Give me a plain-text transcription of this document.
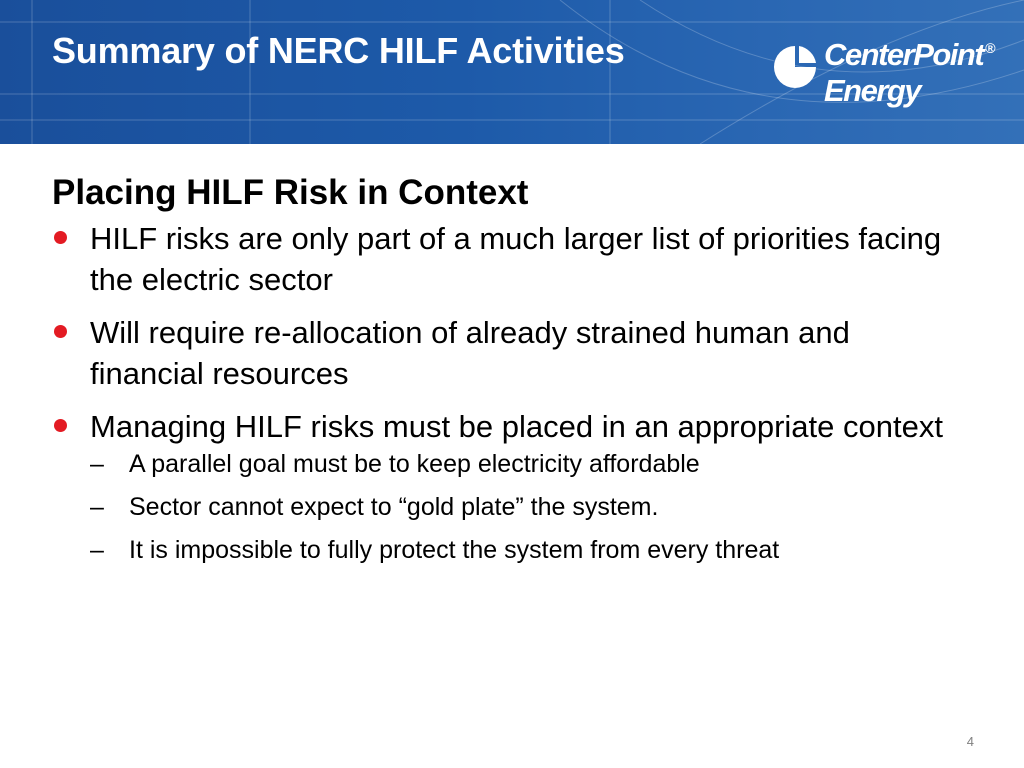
Summary of NERC HILF Activities	CenterPoint ®
Energy
Placing HILF Risk in Context
HILF risks are only part of a much larger list of priorities facing the electric sector
Will require re-allocation of already strained human and financial resources
Managing HILF risks must be placed in an appropriate context
– A parallel goal must be to keep electricity affordable
– Sector cannot expect to “gold plate” the system.
– It is impossible to fully protect the system from every threat
4
